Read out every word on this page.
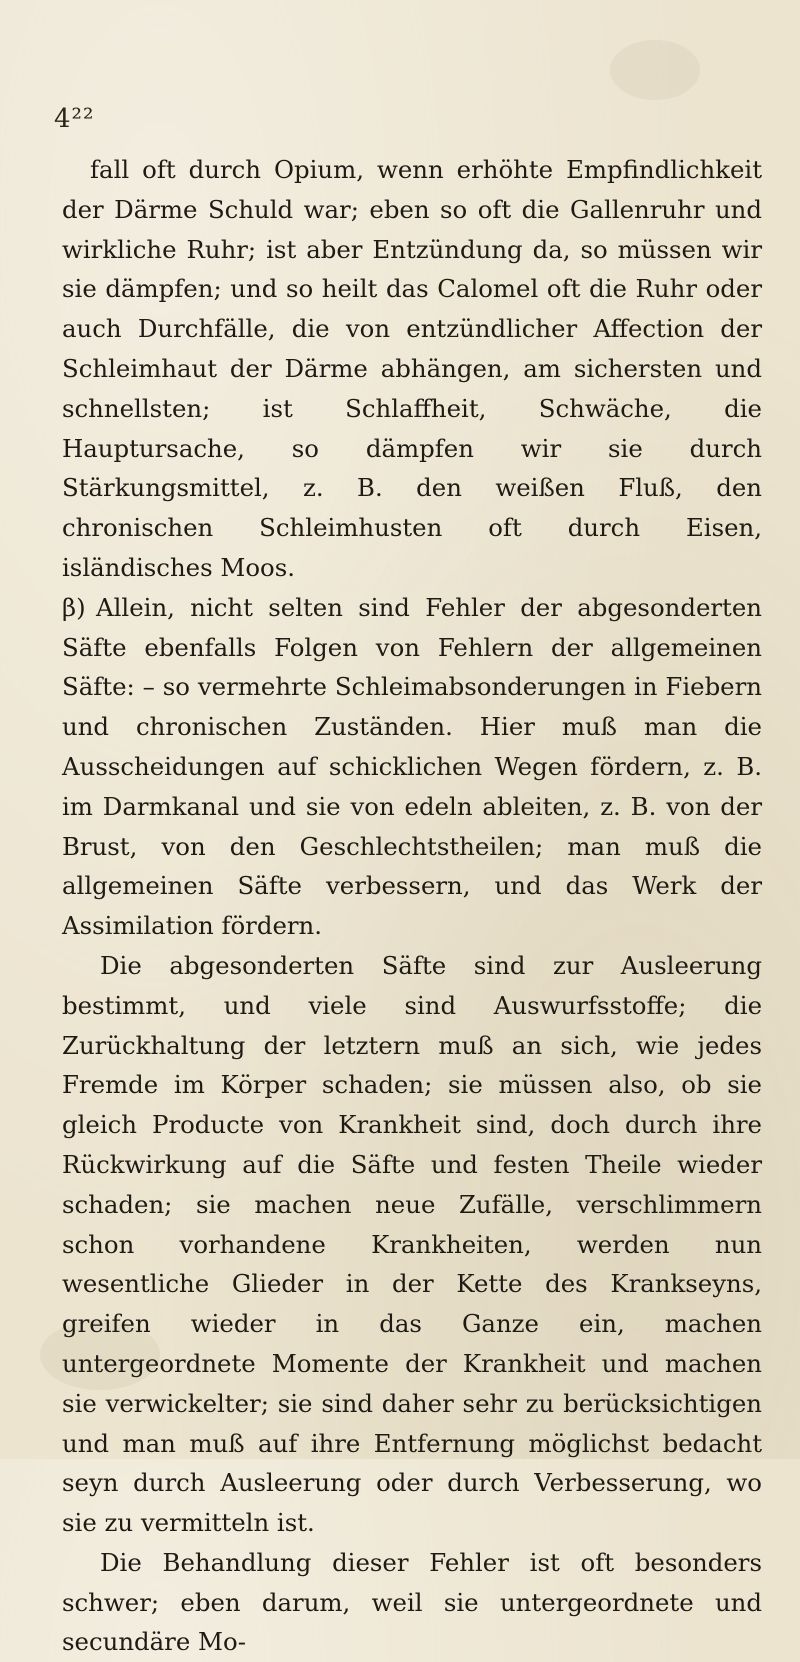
4²²

fall oft durch Opium, wenn erhöhte Empfindlichkeit der Därme Schuld war; eben so oft die Gallenruhr und wirkliche Ruhr; ist aber Entzündung da, so müssen wir sie dämpfen; und so heilt das Calomel oft die Ruhr oder auch Durchfälle, die von entzündlicher Affection der Schleimhaut der Därme abhängen, am sichersten und schnellsten; ist Schlaffheit, Schwäche, die Hauptursache, so dämpfen wir sie durch Stärkungsmittel, z. B. den weißen Fluß, den chronischen Schleimhusten oft durch Eisen, isländisches Moos.

β) Allein, nicht selten sind Fehler der abgesonderten Säfte ebenfalls Folgen von Fehlern der allgemeinen Säfte: – so vermehrte Schleimabsonderungen in Fiebern und chronischen Zuständen. Hier muß man die Ausscheidungen auf schicklichen Wegen fördern, z. B. im Darmkanal und sie von edeln ableiten, z. B. von der Brust, von den Geschlechtstheilen; man muß die allgemeinen Säfte verbessern, und das Werk der Assimilation fördern.

Die abgesonderten Säfte sind zur Ausleerung bestimmt, und viele sind Auswurfsstoffe; die Zurückhaltung der letztern muß an sich, wie jedes Fremde im Körper schaden; sie müssen also, ob sie gleich Producte von Krankheit sind, doch durch ihre Rückwirkung auf die Säfte und festen Theile wieder schaden; sie machen neue Zufälle, verschlimmern schon vorhandene Krankheiten, werden nun wesentliche Glieder in der Kette des Krankseyns, greifen wieder in das Ganze ein, machen untergeordnete Momente der Krankheit und machen sie verwickelter; sie sind daher sehr zu berücksichtigen und man muß auf ihre Entfernung möglichst bedacht seyn durch Ausleerung oder durch Verbesserung, wo sie zu vermitteln ist.

Die Behandlung dieser Fehler ist oft besonders schwer; eben darum, weil sie untergeordnete und secundäre Mo-
